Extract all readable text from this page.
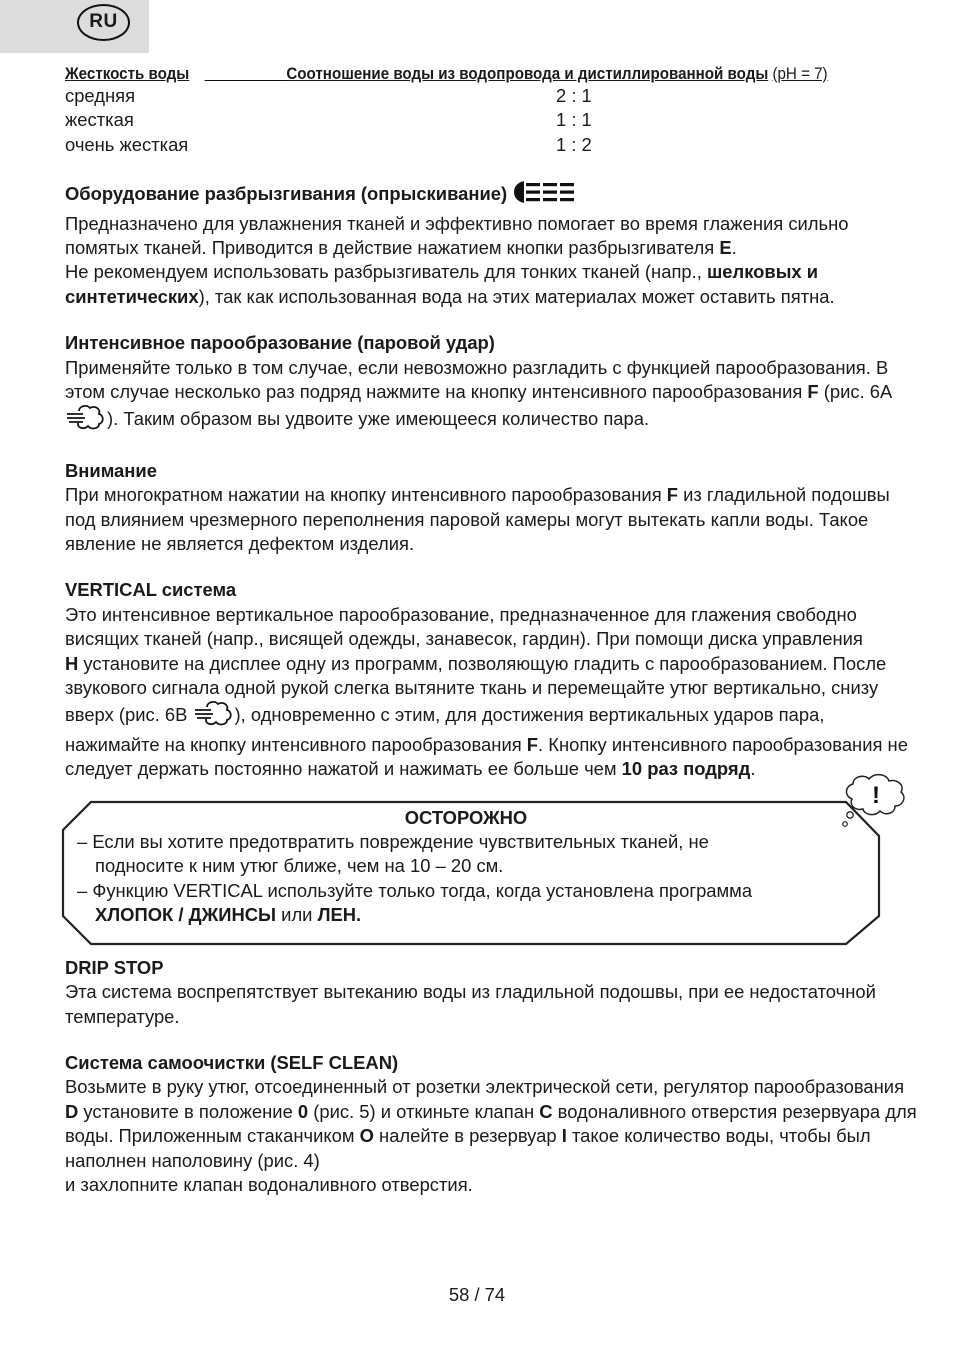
RU
Жесткость воды	Соотношение воды из водопровода и дистиллированной воды (pH = 7)
средняя	2 : 1
жесткая	1 : 1
очень жесткая	1 : 2
Оборудование разбрызгивания (опрыскивание)

Предназначено для увлажнения тканей и эффективно помогает во время глажения сильно помятых тканей. Приводится в действие нажатием кнопки разбрызгивателя E.

Не рекомендуем использовать разбрызгиватель для тонких тканей (напр., шелковых и синтетических), так как использованная вода на этих материалах может оставить пятна.

Интенсивное парообразование (паровой удар)

Применяйте только в том случае, если невозможно разгладить с функцией парообразования. В этом случае несколько раз подряд нажмите на кнопку интенсивного парообразования F (рис. 6А ). Таким образом вы удвоите уже имеющееся количество пара.

Внимание

При многократном нажатии на кнопку интенсивного парообразования F из гладильной подошвы под влиянием чрезмерного переполнения паровой камеры могут вытекать капли воды. Такое явление не является дефектом изделия.

VERTICAL система

Это интенсивное вертикальное парообразование, предназначенное для глажения свободно висящих тканей (напр., висящей одежды, занавесок, гардин). При помощи диска управления

H установите на дисплее одну из программ, позволяющую гладить с парообразованием. После звукового сигнала одной рукой слегка вытяните ткань и перемещайте утюг вертикально, снизу вверх (рис. 6В ), одновременно с этим, для достижения вертикальных ударов пара, нажимайте на кнопку интенсивного парообразования F. Кнопку интенсивного парообразования не следует держать постоянно нажатой и нажимать ее больше чем 10 раз подряд.

!
ОСТОРОЖНО
– Если вы хотите предотвратить повреждение чувствительных тканей, не
подносите к ним утюг ближе, чем на 10 – 20 см.
– Функцию VERTICAL используйте только тогда, когда установлена программа
ХЛОПОК / ДЖИНСЫ или ЛЕН.
DRIP STOP

Эта система воспрепятствует вытеканию воды из гладильной подошвы, при ее недостаточной температуре.

Система самоочистки (SELF CLEAN)

Возьмите в руку утюг, отсоединенный от розетки электрической сети, регулятор парообразования D установите в положение 0 (рис. 5) и откиньте клапан C водоналивного отверстия резервуара для воды. Приложенным стаканчиком O налейте в резервуар I такое количество воды, чтобы был наполнен наполовину (рис. 4)

и захлопните клапан водоналивного отверстия.

58 / 74
